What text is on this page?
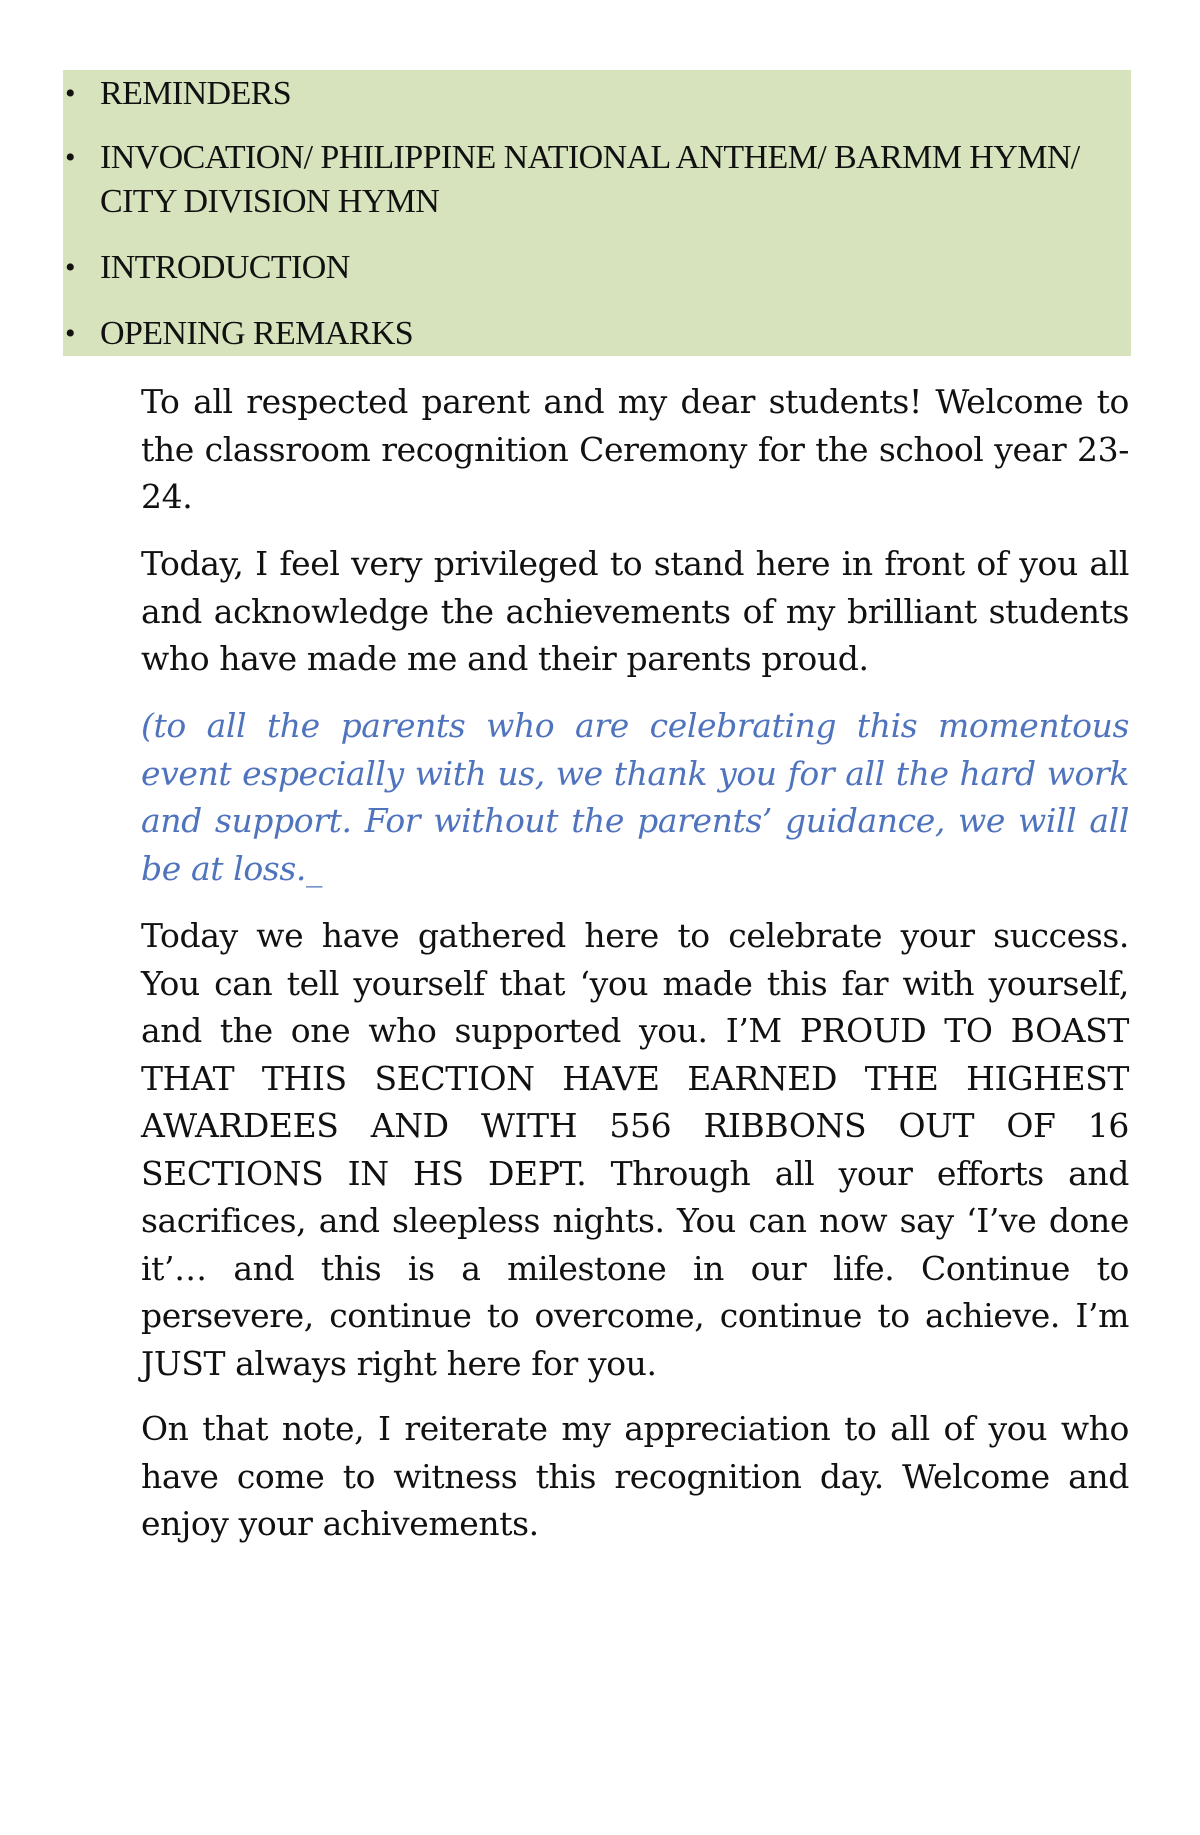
• REMINDERS
• INVOCATION/ PHILIPPINE NATIONAL ANTHEM/ BARMM HYMN/ CITY DIVISION HYMN
• INTRODUCTION
• OPENING REMARKS

To all respected parent and my dear students! Welcome to the classroom recognition Ceremony for the school year 23-24.

Today, I feel very privileged to stand here in front of you all and acknowledge the achievements of my brilliant students who have made me and their parents proud.

(to all the parents who are celebrating this momentous event especially with us, we thank you for all the hard work and support. For without the parents’ guidance, we will all be at loss._

Today we have gathered here to celebrate your success. You can tell yourself that ‘you made this far with yourself, and the one who supported you. I’M PROUD TO BOAST THAT THIS SECTION HAVE EARNED THE HIGHEST AWARDEES AND WITH 556 RIBBONS OUT OF 16 SECTIONS IN HS DEPT. Through all your efforts and sacrifices, and sleepless nights. You can now say ‘I’ve done it’… and this is a milestone in our life. Continue to persevere, continue to overcome, continue to achieve. I’m JUST always right here for you.

On that note, I reiterate my appreciation to all of you who have come to witness this recognition day. Welcome and enjoy your achivements.
